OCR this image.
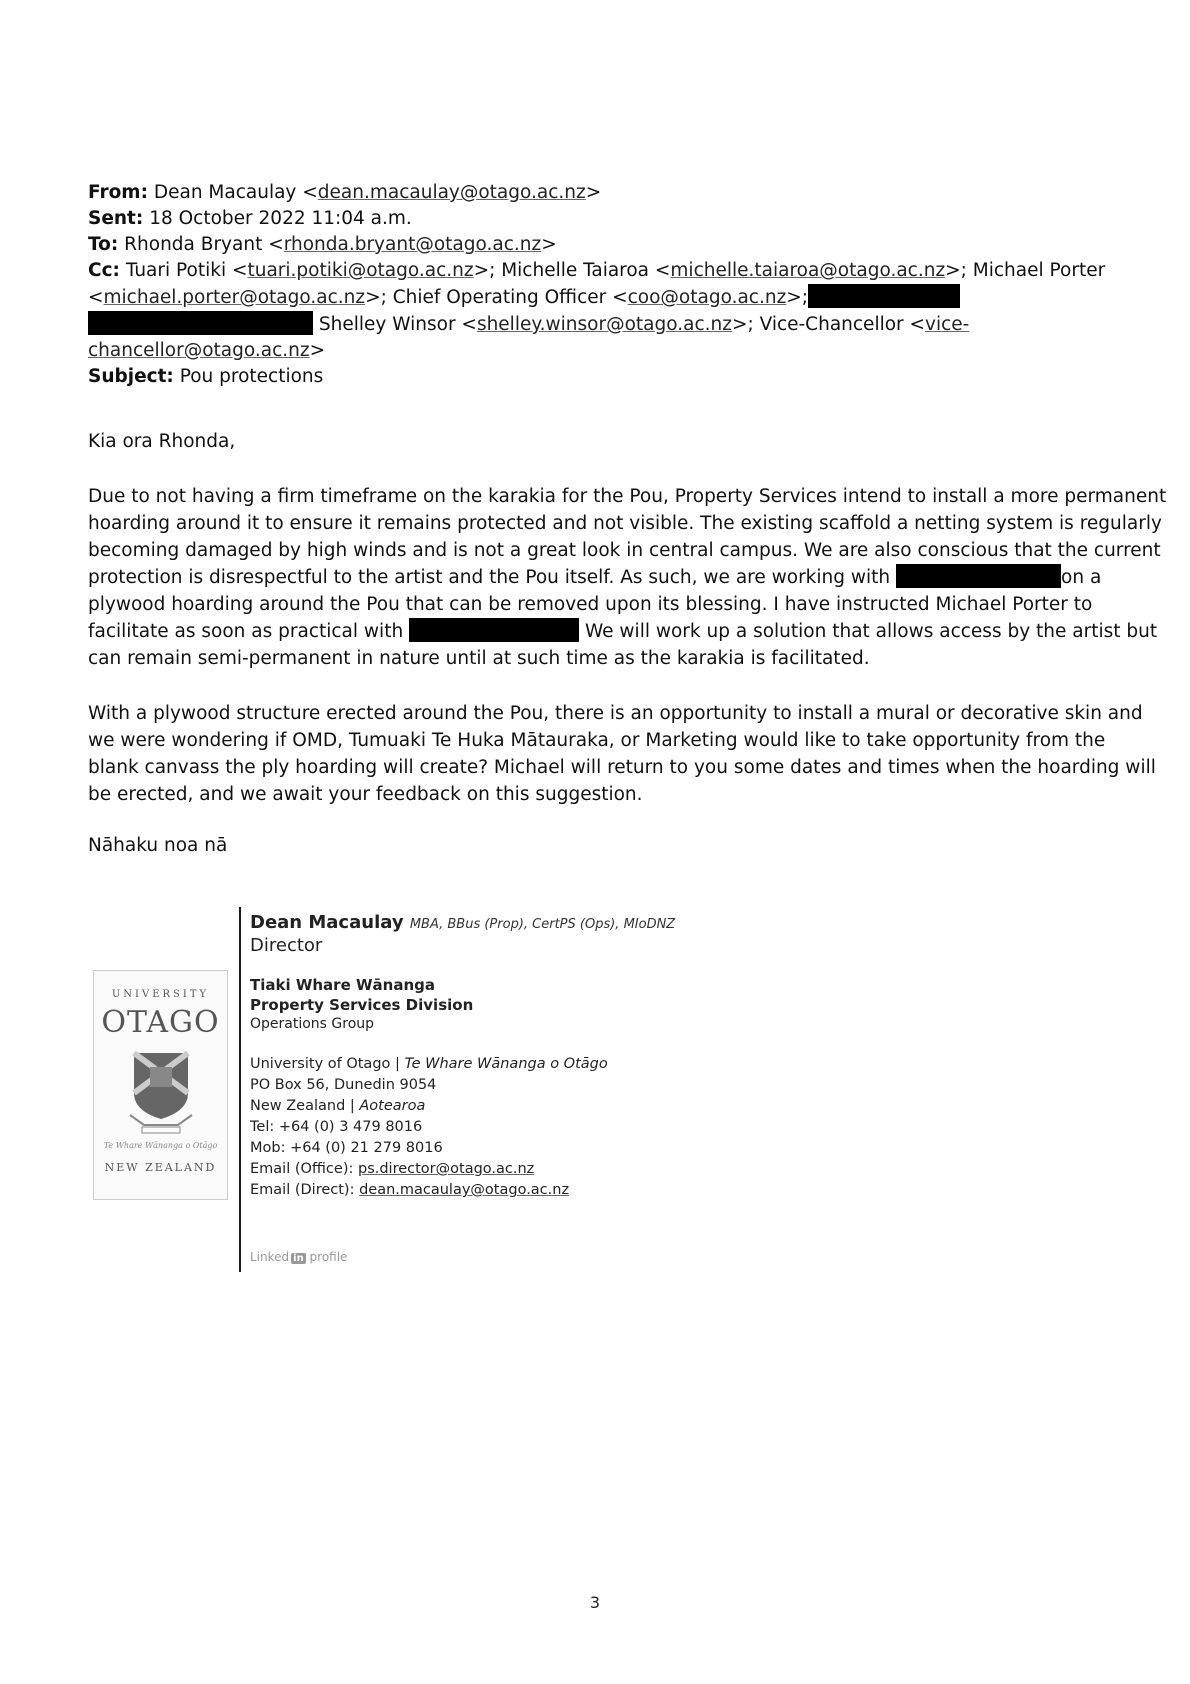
From: Dean Macaulay <dean.macaulay@otago.ac.nz>
Sent: 18 October 2022 11:04 a.m.
To: Rhonda Bryant <rhonda.bryant@otago.ac.nz>
Cc: Tuari Potiki <tuari.potiki@otago.ac.nz>; Michelle Taiaroa <michelle.taiaroa@otago.ac.nz>; Michael Porter
<michael.porter@otago.ac.nz>; Chief Operating Officer <coo@otago.ac.nz>;
Shelley Winsor <shelley.winsor@otago.ac.nz>; Vice-Chancellor <vice-
chancellor@otago.ac.nz>
Subject: Pou protections

Kia ora Rhonda,

Due to not having a firm timeframe on the karakia for the Pou, Property Services intend to install a more permanent

hoarding around it to ensure it remains protected and not visible. The existing scaffold a netting system is regularly

becoming damaged by high winds and is not a great look in central campus. We are also conscious that the current

protection is disrespectful to the artist and the Pou itself. As such, we are working with	on a

plywood hoarding around the Pou that can be removed upon its blessing. I have instructed Michael Porter to

facilitate as soon as practical with	We will work up a solution that allows access by the artist but

can remain semi-permanent in nature until at such time as the karakia is facilitated.

With a plywood structure erected around the Pou, there is an opportunity to install a mural or decorative skin and

we were wondering if OMD, Tumuaki Te Huka Mātauraka, or Marketing would like to take opportunity from the

blank canvass the ply hoarding will create? Michael will return to you some dates and times when the hoarding will

be erected, and we await your feedback on this suggestion.

Nāhaku noa nā

UNIVERSITY
OTAGO
Te Whare Wānanga o Otāgo
NEW ZEALAND
Dean Macaulay MBA, BBus (Prop), CertPS (Ops), MIoDNZ
Director
Tiaki Whare Wānanga
Property Services Division
Operations Group
University of Otago | Te Whare Wānanga o Otāgo
PO Box 56, Dunedin 9054
New Zealand | Aotearoa
Tel: +64 (0) 3 479 8016
Mob: +64 (0) 21 279 8016
Email (Office): ps.director@otago.ac.nz
Email (Direct): dean.macaulay@otago.ac.nz
Linked in profile
3
